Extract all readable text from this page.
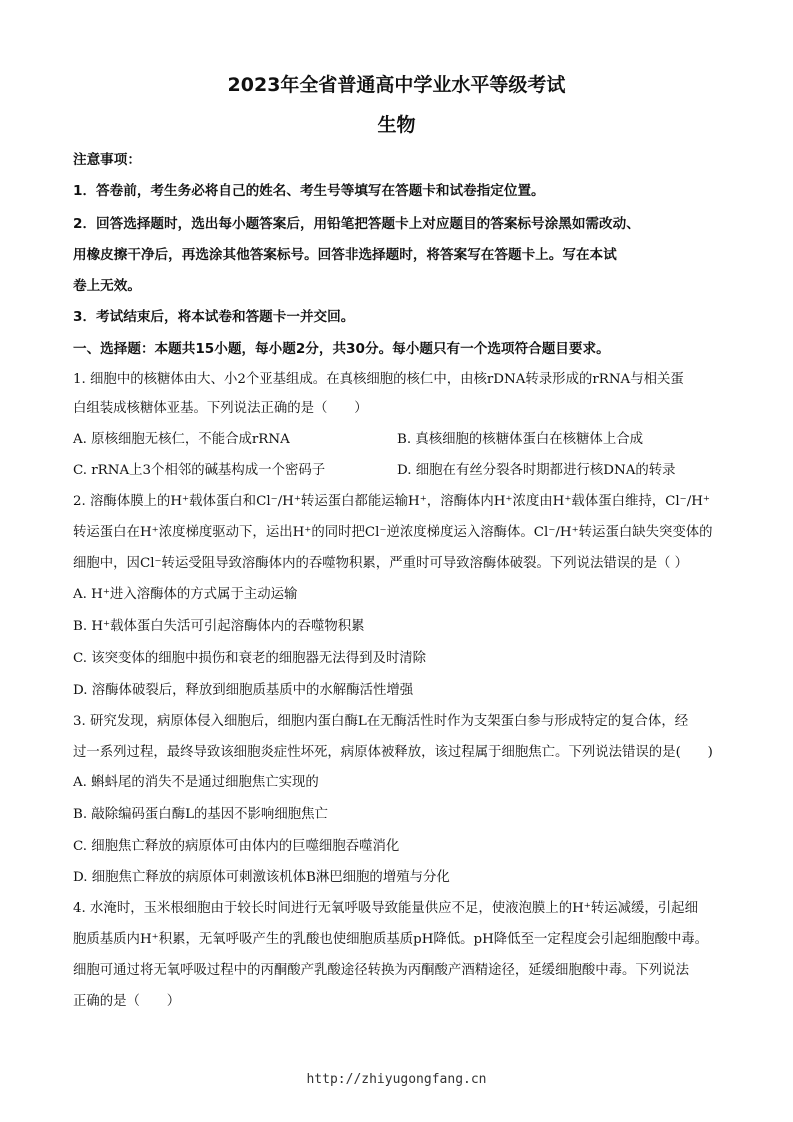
2023年全省普通高中学业水平等级考试
生物
注意事项：
1．答卷前，考生务必将自己的姓名、考生号等填写在答题卡和试卷指定位置。
2．回答选择题时，选出每小题答案后，用铅笔把答题卡上对应题目的答案标号涂黑如需改动、
用橡皮擦干净后，再选涂其他答案标号。回答非选择题时，将答案写在答题卡上。写在本试
卷上无效。
3．考试结束后，将本试卷和答题卡一并交回。
一、选择题：本题共15小题，每小题2分，共30分。每小题只有一个选项符合题目要求。
1. 细胞中的核糖体由大、小2个亚基组成。在真核细胞的核仁中，由核rDNA转录形成的rRNA与相关蛋
白组装成核糖体亚基。下列说法正确的是（　　）
A. 原核细胞无核仁，不能合成rRNA	B. 真核细胞的核糖体蛋白在核糖体上合成
C. rRNA上3个相邻的碱基构成一个密码子	D. 细胞在有丝分裂各时期都进行核DNA的转录
2. 溶酶体膜上的H⁺载体蛋白和Cl⁻/H⁺转运蛋白都能运输H⁺，溶酶体内H⁺浓度由H⁺载体蛋白维持，Cl⁻/H⁺
转运蛋白在H⁺浓度梯度驱动下，运出H⁺的同时把Cl⁻逆浓度梯度运入溶酶体。Cl⁻/H⁺转运蛋白缺失突变体的
细胞中，因Cl⁻转运受阻导致溶酶体内的吞噬物积累，严重时可导致溶酶体破裂。下列说法错误的是（ ）
A. H⁺进入溶酶体的方式属于主动运输
B. H⁺载体蛋白失活可引起溶酶体内的吞噬物积累
C. 该突变体的细胞中损伤和衰老的细胞器无法得到及时清除
D. 溶酶体破裂后，释放到细胞质基质中的水解酶活性增强
3. 研究发现，病原体侵入细胞后，细胞内蛋白酶L在无酶活性时作为支架蛋白参与形成特定的复合体，经
过一系列过程，最终导致该细胞炎症性坏死，病原体被释放，该过程属于细胞焦亡。下列说法错误的是(　　)
A. 蝌蚪尾的消失不是通过细胞焦亡实现的
B. 敲除编码蛋白酶L的基因不影响细胞焦亡
C. 细胞焦亡释放的病原体可由体内的巨噬细胞吞噬消化
D. 细胞焦亡释放的病原体可刺激该机体B淋巴细胞的增殖与分化
4. 水淹时，玉米根细胞由于较长时间进行无氧呼吸导致能量供应不足，使液泡膜上的H⁺转运减缓，引起细
胞质基质内H⁺积累，无氧呼吸产生的乳酸也使细胞质基质pH降低。pH降低至一定程度会引起细胞酸中毒。
细胞可通过将无氧呼吸过程中的丙酮酸产乳酸途径转换为丙酮酸产酒精途径，延缓细胞酸中毒。下列说法
正确的是（　　）
http://zhiyugongfang.cn
